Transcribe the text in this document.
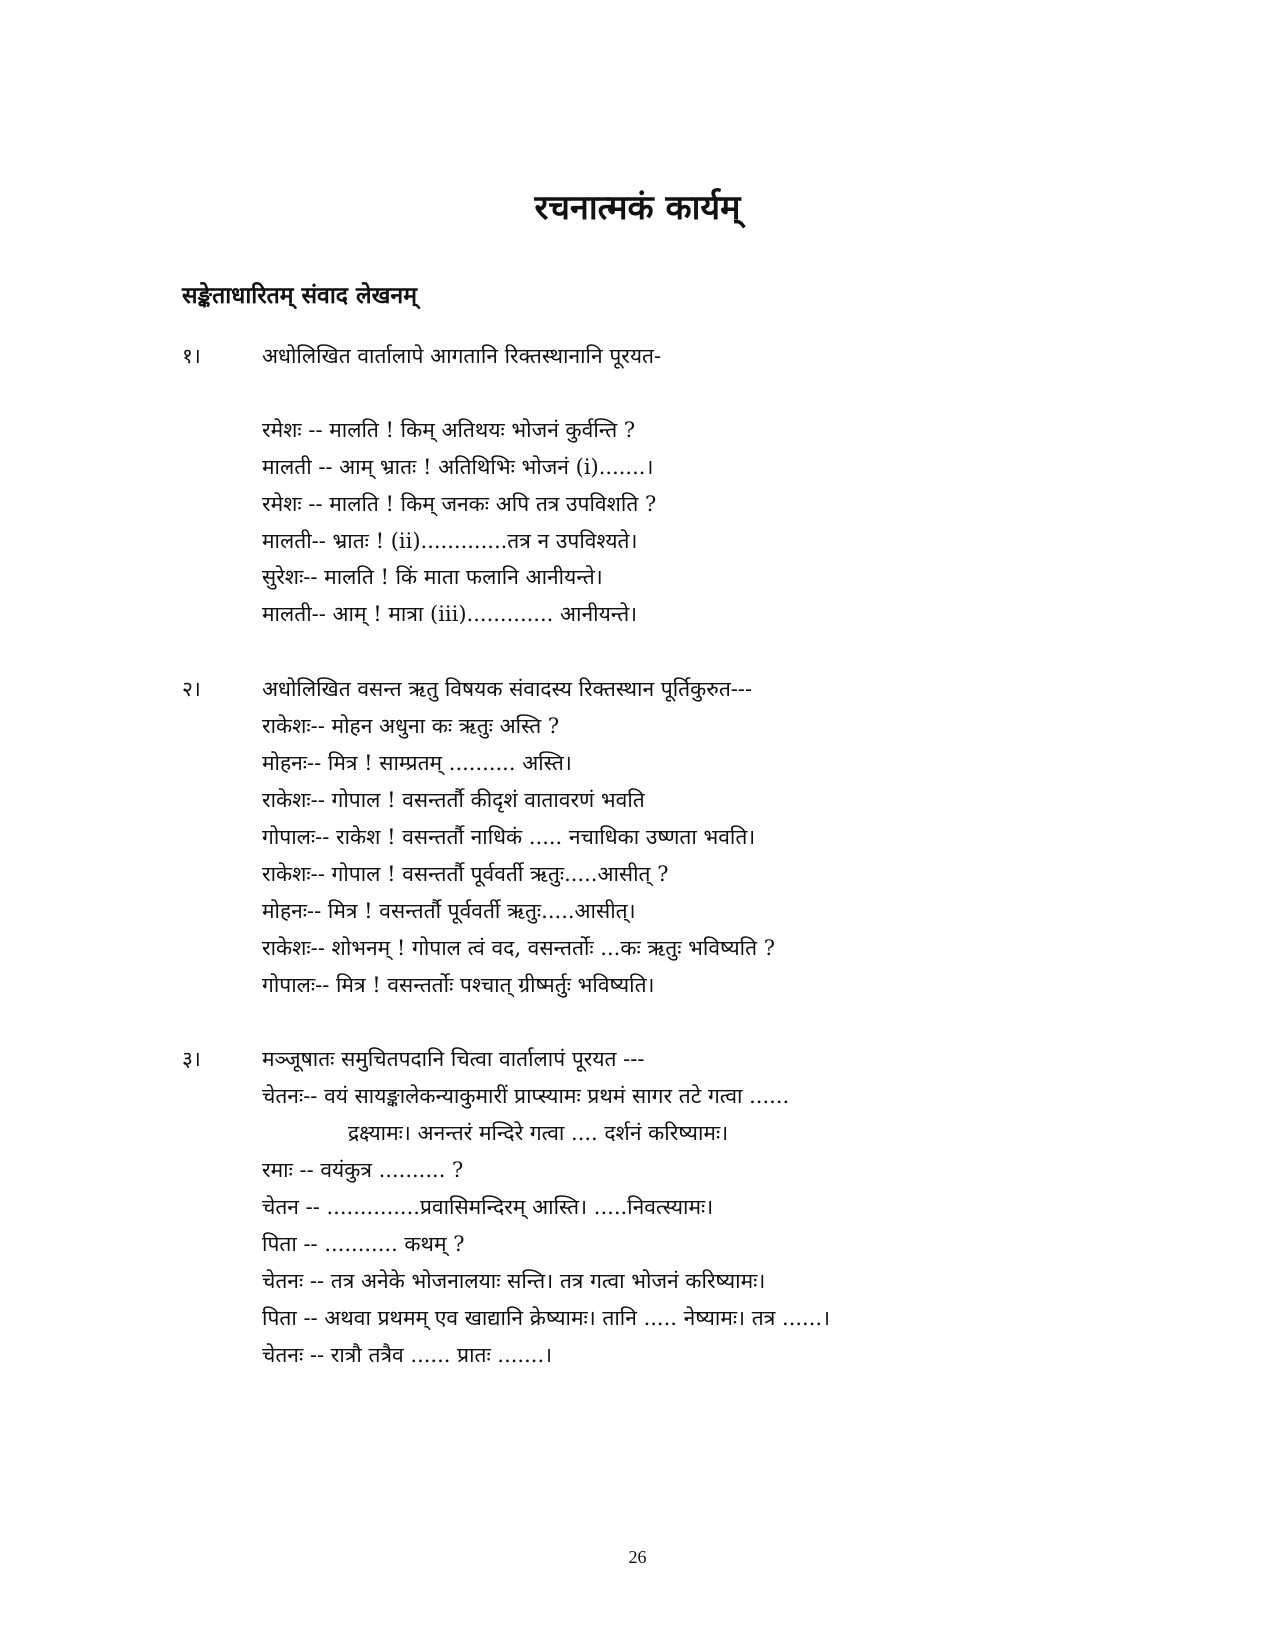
रचनात्मकं कार्यम्
सङ्केताधारितम् संवाद लेखनम्
१।	अधोलिखित वार्तालापे आगतानि रिक्तस्थानानि पूरयत-
रमेशः -- मालति ! किम् अतिथयः भोजनं कुर्वन्ति ?
मालती -- आम् भ्रातः ! अतिथिभिः भोजनं (i).......।
रमेशः -- मालति ! किम् जनकः अपि तत्र उपविशति ?
मालती-- भ्रातः ! (ii).............तत्र न उपविश्यते।
सुरेशः-- मालति ! किं माता फलानि आनीयन्ते।
मालती-- आम् ! मात्रा (iii)............. आनीयन्ते।
२।	अधोलिखित वसन्त ऋतु विषयक संवादस्य रिक्तस्थान पूर्तिकुरुत---
राकेशः-- मोहन अधुना कः ऋतुः अस्ति ?
मोहनः-- मित्र ! साम्प्रतम् .......... अस्ति।
राकेशः-- गोपाल ! वसन्तर्तौ कीदृशं वातावरणं भवति
गोपालः-- राकेश ! वसन्तर्तौ नाधिकं ..... नचाधिका उष्णता भवति।
राकेशः-- गोपाल ! वसन्तर्तौ पूर्ववर्ती ऋतुः.....आसीत् ?
मोहनः-- मित्र ! वसन्तर्तौ पूर्ववर्ती ऋतुः.....आसीत्।
राकेशः-- शोभनम् ! गोपाल त्वं वद, वसन्तर्तोः ...कः ऋतुः भविष्यति ?
गोपालः-- मित्र ! वसन्तर्तोः पश्चात् ग्रीष्मर्तुः भविष्यति।
३।	मञ्जूषातः समुचितपदानि चित्वा वार्तालापं पूरयत ---
चेतनः-- वयं सायङ्कालेकन्याकुमारीं प्राप्स्यामः प्रथमं सागर तटे गत्वा ......
द्रक्ष्यामः। अनन्तरं मन्दिरे गत्वा .... दर्शनं करिष्यामः।
रमाः -- वयंकुत्र .......... ?
चेतन -- ..............प्रवासिमन्दिरम् आस्ति। .....निवत्स्यामः।
पिता -- ........... कथम् ?
चेतनः -- तत्र अनेके भोजनालयाः सन्ति। तत्र गत्वा भोजनं करिष्यामः।
पिता -- अथवा प्रथमम् एव खाद्यानि क्रेष्यामः। तानि ..... नेष्यामः। तत्र ......।
चेतनः -- रात्रौ तत्रैव ...... प्रातः .......।
26
